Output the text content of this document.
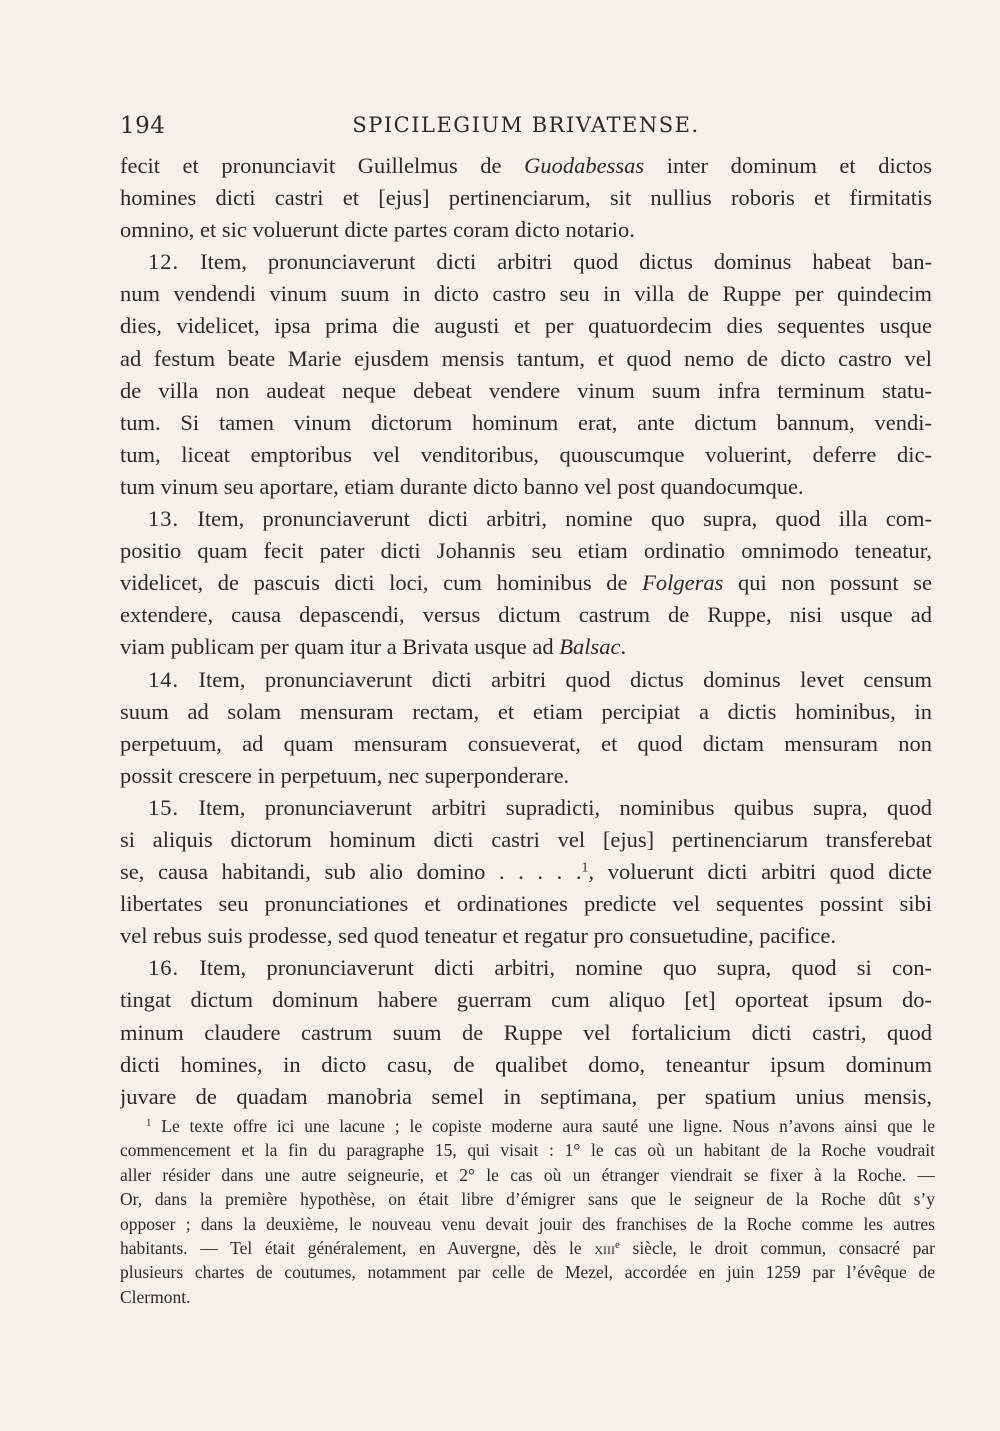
194	SPICILEGIUM BRIVATENSE.
fecit et pronunciavit Guillelmus de Guodabessas inter dominum et dictos
homines dicti castri et [ejus] pertinenciarum, sit nullius roboris et firmitatis
omnino, et sic voluerunt dicte partes coram dicto notario.
12. Item, pronunciaverunt dicti arbitri quod dictus dominus habeat ban-
num vendendi vinum suum in dicto castro seu in villa de Ruppe per quindecim
dies, videlicet, ipsa prima die augusti et per quatuordecim dies sequentes usque
ad festum beate Marie ejusdem mensis tantum, et quod nemo de dicto castro vel
de villa non audeat neque debeat vendere vinum suum infra terminum statu-
tum. Si tamen vinum dictorum hominum erat, ante dictum bannum, vendi-
tum, liceat emptoribus vel venditoribus, quouscumque voluerint, deferre dic-
tum vinum seu aportare, etiam durante dicto banno vel post quandocumque.
13. Item, pronunciaverunt dicti arbitri, nomine quo supra, quod illa com-
positio quam fecit pater dicti Johannis seu etiam ordinatio omnimodo teneatur,
videlicet, de pascuis dicti loci, cum hominibus de Folgeras qui non possunt se
extendere, causa depascendi, versus dictum castrum de Ruppe, nisi usque ad
viam publicam per quam itur a Brivata usque ad Balsac.
14. Item, pronunciaverunt dicti arbitri quod dictus dominus levet censum
suum ad solam mensuram rectam, et etiam percipiat a dictis hominibus, in
perpetuum, ad quam mensuram consueverat, et quod dictam mensuram non
possit crescere in perpetuum, nec superponderare.
15. Item, pronunciaverunt arbitri supradicti, nominibus quibus supra, quod
si aliquis dictorum hominum dicti castri vel [ejus] pertinenciarum transferebat
se, causa habitandi, sub alio domino . . . . .$^1$, voluerunt dicti arbitri quod dicte
libertates seu pronunciationes et ordinationes predicte vel sequentes possint sibi
vel rebus suis prodesse, sed quod teneatur et regatur pro consuetudine, pacifice.
16. Item, pronunciaverunt dicti arbitri, nomine quo supra, quod si con-
tingat dictum dominum habere guerram cum aliquo [et] oporteat ipsum do-
minum claudere castrum suum de Ruppe vel fortalicium dicti castri, quod
dicti homines, in dicto casu, de qualibet domo, teneantur ipsum dominum
juvare de quadam manobria semel in septimana, per spatium unius mensis,
$^1$ Le texte offre ici une lacune ; le copiste moderne aura sauté une ligne. Nous n’avons ainsi que le
commencement et la fin du paragraphe 15, qui visait : 1° le cas où un habitant de la Roche voudrait
aller résider dans une autre seigneurie, et 2° le cas où un étranger viendrait se fixer à la Roche. —
Or, dans la première hypothèse, on était libre d’émigrer sans que le seigneur de la Roche dût s’y
opposer ; dans la deuxième, le nouveau venu devait jouir des franchises de la Roche comme les autres
habitants. — Tel était généralement, en Auvergne, dès le xiii$^e$ siècle, le droit commun, consacré par
plusieurs chartes de coutumes, notamment par celle de Mezel, accordée en juin 1259 par l’évêque de
Clermont.
